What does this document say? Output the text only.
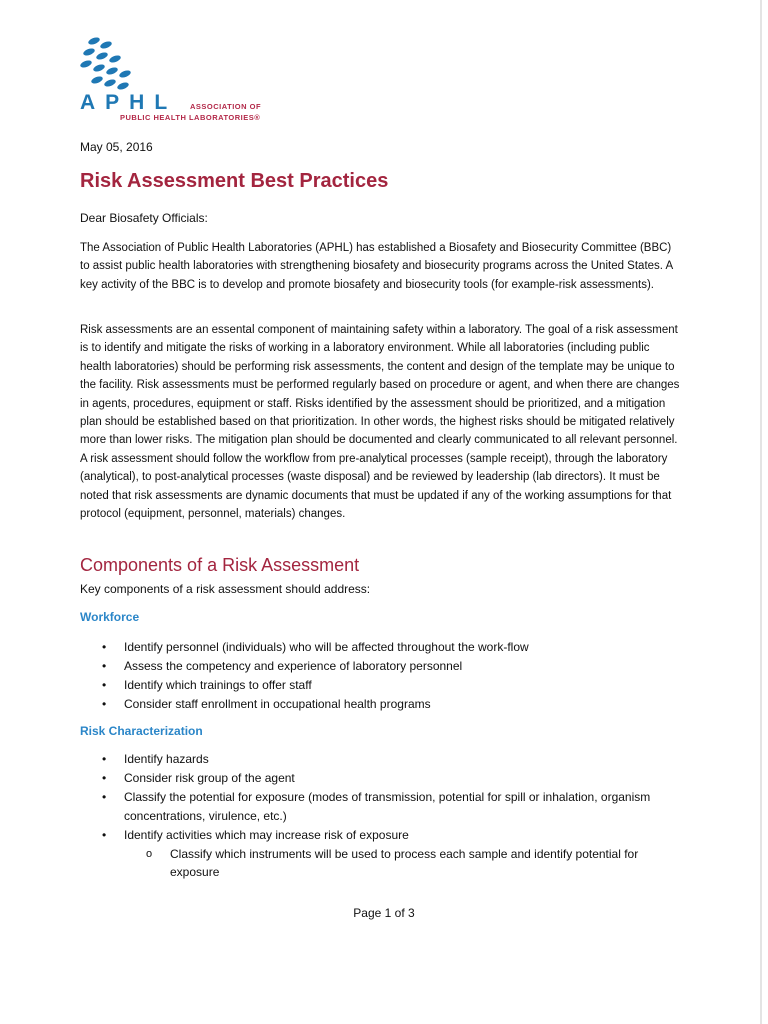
APHL ASSOCIATION OF
PUBLIC HEALTH LABORATORIES®
May 05, 2016
Risk Assessment Best Practices
Dear Biosafety Officials:

The Association of Public Health Laboratories (APHL) has established a Biosafety and Biosecurity Committee (BBC) to assist public health laboratories with strengthening biosafety and biosecurity programs across the United States. A key activity of the BBC is to develop and promote biosafety and biosecurity tools (for example-risk assessments).

Risk assessments are an essental component of maintaining safety within a laboratory. The goal of a risk assessment is to identify and mitigate the risks of working in a laboratory environment. While all laboratories (including public health laboratories) should be performing risk assessments, the content and design of the template may be unique to the facility. Risk assessments must be performed regularly based on procedure or agent, and when there are changes in agents, procedures, equipment or staff. Risks identified by the assessment should be prioritized, and a mitigation plan should be established based on that prioritization. In other words, the highest risks should be mitigated relatively more than lower risks. The mitigation plan should be documented and clearly communicated to all relevant personnel. A risk assessment should follow the workflow from pre-analytical processes (sample receipt), through the laboratory (analytical), to post-analytical processes (waste disposal) and be reviewed by leadership (lab directors). It must be noted that risk assessments are dynamic documents that must be updated if any of the working assumptions for that protocol (equipment, personnel, materials) changes.

Components of a Risk Assessment
Key components of a risk assessment should address:
Workforce
• Identify personnel (individuals) who will be affected throughout the work-flow
• Assess the competency and experience of laboratory personnel
• Identify which trainings to offer staff
• Consider staff enrollment in occupational health programs
Risk Characterization
• Identify hazards
• Consider risk group of the agent
• Classify the potential for exposure (modes of transmission, potential for spill or inhalation, organism concentrations, virulence, etc.)
• Identify activities which may increase risk of exposure
o Classify which instruments will be used to process each sample and identify potential for exposure
Page 1 of 3
